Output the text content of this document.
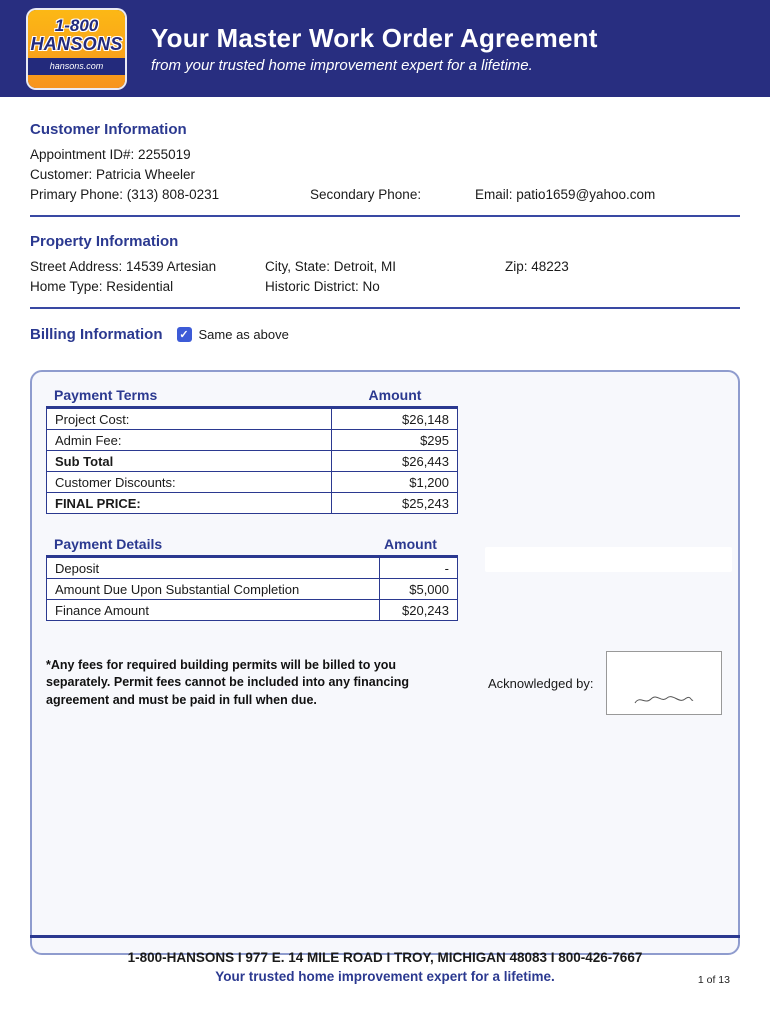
1-800
HANSONS
hansons.com
Your Master Work Order Agreement
from your trusted home improvement expert for a lifetime.
Customer Information
Appointment ID#: 2255019
Customer: Patricia Wheeler
Primary Phone: (313) 808-0231	Secondary Phone:	Email: patio1659@yahoo.com
Property Information
Street Address: 14539 Artesian	City, State: Detroit, MI	Zip: 48223
Home Type: Residential	Historic District: No
Billing Information ✓ Same as above
Payment Terms	Amount
Project Cost:	$26,148
Admin Fee:	$295
Sub Total	$26,443
Customer Discounts:	$1,200
FINAL PRICE:	$25,243
Payment Details	Amount
Deposit	-
Amount Due Upon Substantial Completion	$5,000
Finance Amount	$20,243
*Any fees for required building permits will be billed to you separately. Permit fees cannot be included into any financing agreement and must be paid in full when due.
Acknowledged by:
1-800-HANSONS I 977 E. 14 MILE ROAD I TROY, MICHIGAN 48083 I 800-426-7667
Your trusted home improvement expert for a lifetime.	1 of 13
